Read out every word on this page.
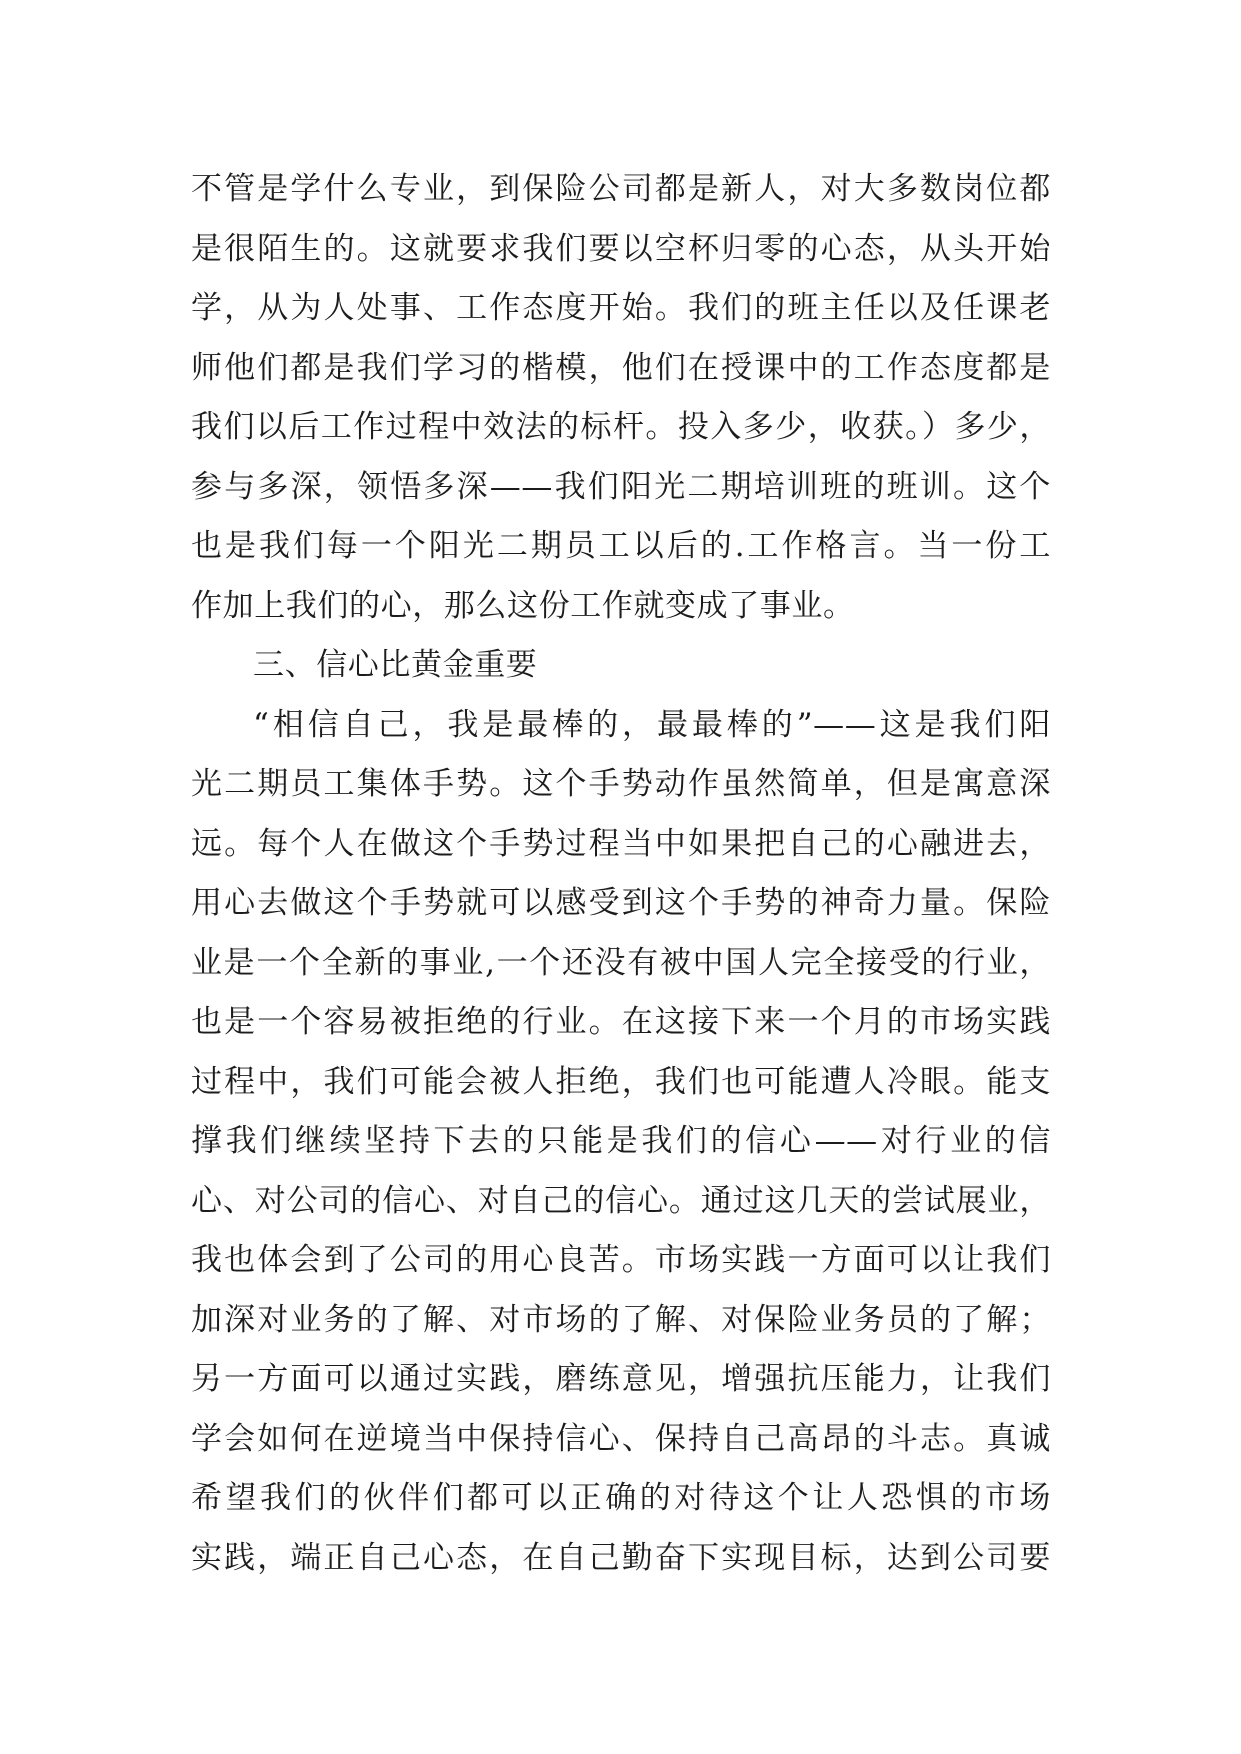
不管是学什么专业，到保险公司都是新人，对大多数岗位都
是很陌生的。这就要求我们要以空杯归零的心态，从头开始
学，从为人处事、工作态度开始。我们的班主任以及任课老
师他们都是我们学习的楷模，他们在授课中的工作态度都是
我们以后工作过程中效法的标杆。投入多少，收获。）多少，
参与多深，领悟多深——我们阳光二期培训班的班训。这个
也是我们每一个阳光二期员工以后的.工作格言。当一份工
作加上我们的心，那么这份工作就变成了事业。
三、信心比黄金重要
“相信自己，我是最棒的，最最棒的”——这是我们阳
光二期员工集体手势。这个手势动作虽然简单，但是寓意深
远。每个人在做这个手势过程当中如果把自己的心融进去，
用心去做这个手势就可以感受到这个手势的神奇力量。保险
业是一个全新的事业,一个还没有被中国人完全接受的行业，
也是一个容易被拒绝的行业。在这接下来一个月的市场实践
过程中，我们可能会被人拒绝，我们也可能遭人冷眼。能支
撑我们继续坚持下去的只能是我们的信心——对行业的信
心、对公司的信心、对自己的信心。通过这几天的尝试展业，
我也体会到了公司的用心良苦。市场实践一方面可以让我们
加深对业务的了解、对市场的了解、对保险业务员的了解；
另一方面可以通过实践，磨练意见，增强抗压能力，让我们
学会如何在逆境当中保持信心、保持自己高昂的斗志。真诚
希望我们的伙伴们都可以正确的对待这个让人恐惧的市场
实践，端正自己心态，在自己勤奋下实现目标，达到公司要
